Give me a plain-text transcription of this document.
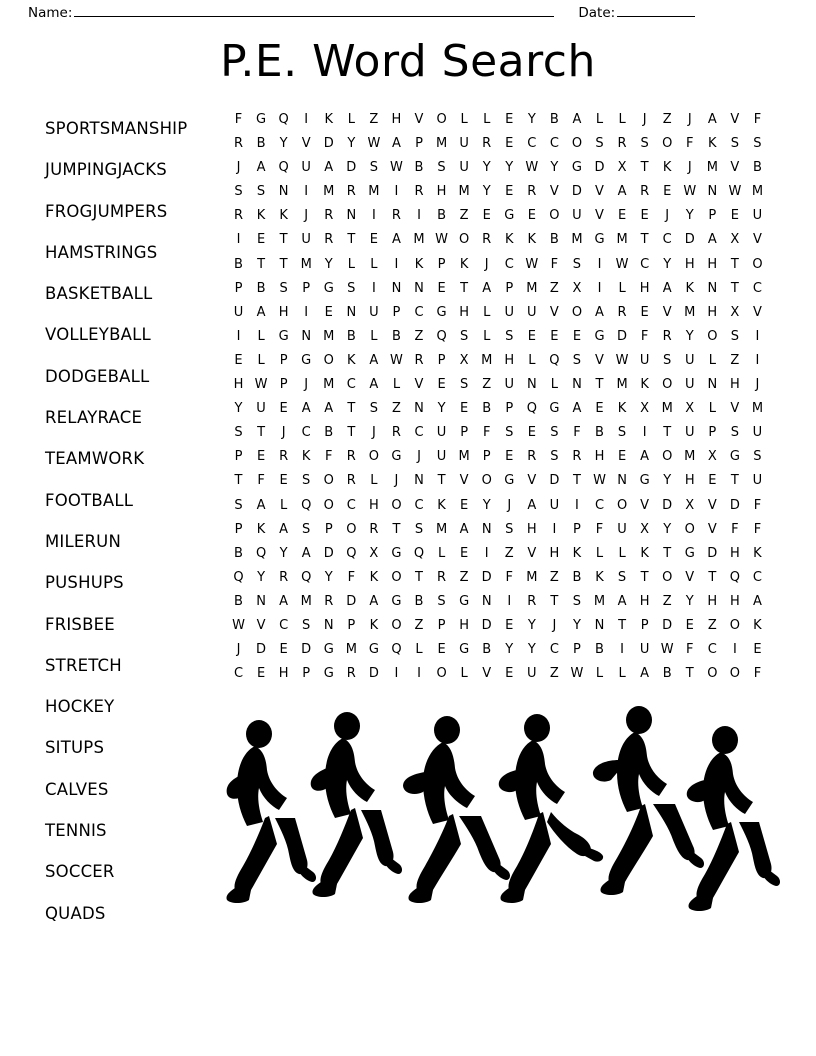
Name:	Date:
P.E. Word Search
SPORTSMANSHIP
JUMPINGJACKS
FROGJUMPERS
HAMSTRINGS
BASKETBALL
VOLLEYBALL
DODGEBALL
RELAYRACE
TEAMWORK
FOOTBALL
MILERUN
PUSHUPS
FRISBEE
STRETCH
HOCKEY
SITUPS
CALVES
TENNIS
SOCCER
QUADS
F G Q	I	K L Z H V O L L E Y B A L L	J	Z	J	A V F
R B Y V D Y W A P M U R E C C O S R S O F K S S
J	A Q U A D S W B S U Y Y W Y G D X T K	J	M V B
S S N	I	M R M	I	R H M Y E R V D V A R E W N W M
R K K	J	R N	I	R	I	B Z E G E O U V E E	J	Y P E U
I	E T U R T E A M W O R K K B M G M T C D A X V
B T T M Y L L	I	K P K	J	C W F S	I	W C Y H H T O
P B S P G S	I	N N E T A P M Z X	I	L H A K N T C
U A H	I	E N U P C G H L U U V O A R E V M H X V
I	L G N M B L B Z Q S L S E E E G D F R Y O S	I
E L P G O K A W R P X M H L Q S V W U S U L Z	I
H W P	J	M C A L V E S Z U N L N T M K O U N H	J
Y U E A A T S Z N Y E B P Q G A E K X M X L V M
S T	J	C B T	J	R C U P F S E S F B S	I	T U P S U
P E R K F R O G	J	U M P E R S R H E A O M X G S
T F E S O R L	J	N T V O G V D T W N G Y H E T U
S A L Q O C H O C K E Y	J	A U	I	C O V D X V D F
P K A S P O R T S M A N S H	I	P F U X Y O V F F
B Q Y A D Q X G Q L E	I	Z V H K L L K T G D H K
Q Y R Q Y F K O T R Z D F M Z B K S T O V T Q C
B N A M R D A G B S G N	I	R T S M A H Z Y H H A
W V C S N P K O Z P H D E Y	J	Y N T P D E Z O K
J	D E D G M G Q L E G B Y Y C P B	I	U W F C	I	E
C E H P G R D	I	I	O L V E U Z W L L A B T O O F
